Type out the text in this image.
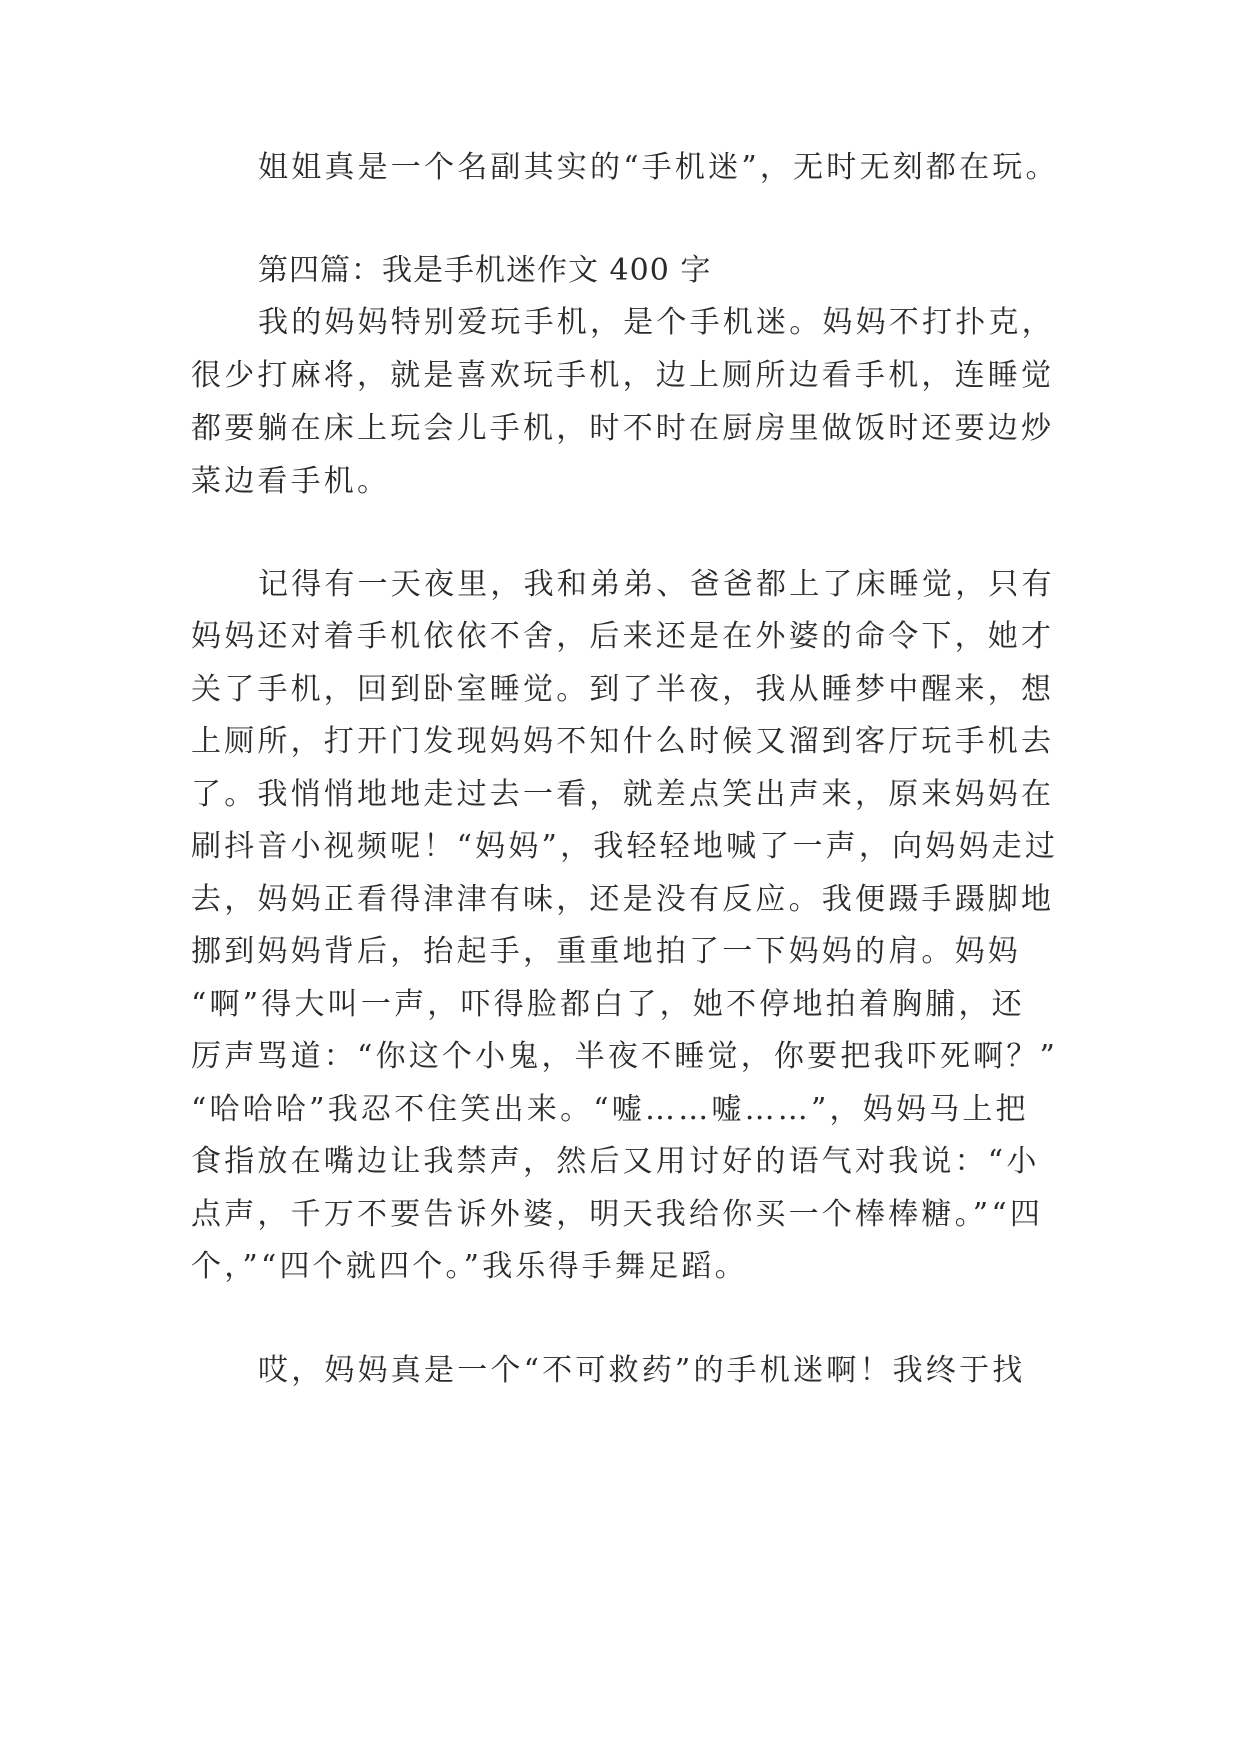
姐姐真是一个名副其实的“手机迷”，无时无刻都在玩。
第四篇：我是手机迷作文 400 字
我的妈妈特别爱玩手机，是个手机迷。妈妈不打扑克，
很少打麻将，就是喜欢玩手机，边上厕所边看手机，连睡觉
都要躺在床上玩会儿手机，时不时在厨房里做饭时还要边炒
菜边看手机。
记得有一天夜里，我和弟弟、爸爸都上了床睡觉，只有
妈妈还对着手机依依不舍，后来还是在外婆的命令下，她才
关了手机，回到卧室睡觉。到了半夜，我从睡梦中醒来，想
上厕所，打开门发现妈妈不知什么时候又溜到客厅玩手机去
了。我悄悄地地走过去一看，就差点笑出声来，原来妈妈在
刷抖音小视频呢！“妈妈”，我轻轻地喊了一声，向妈妈走过
去，妈妈正看得津津有味，还是没有反应。我便蹑手蹑脚地
挪到妈妈背后，抬起手，重重地拍了一下妈妈的肩。妈妈
“啊”得大叫一声，吓得脸都白了，她不停地拍着胸脯，还
厉声骂道：“你这个小鬼，半夜不睡觉，你要把我吓死啊？”
“哈哈哈”我忍不住笑出来。“嘘……嘘……”，妈妈马上把
食指放在嘴边让我禁声，然后又用讨好的语气对我说：“小
点声，千万不要告诉外婆，明天我给你买一个棒棒糖。”“四
个，”“四个就四个。”我乐得手舞足蹈。
哎，妈妈真是一个“不可救药”的手机迷啊！我终于找
